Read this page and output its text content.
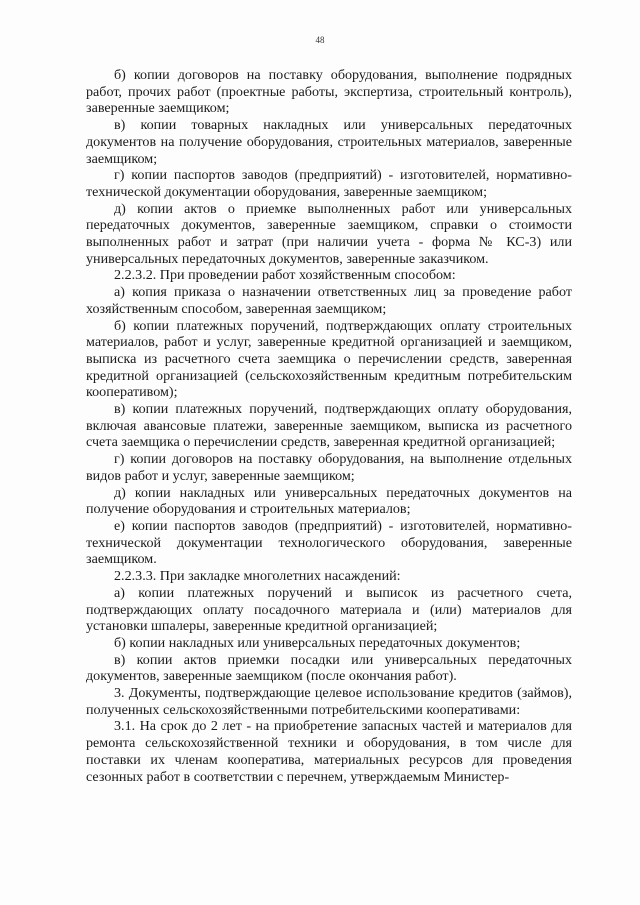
48

б) копии договоров на поставку оборудования, выполнение подрядных работ, прочих работ (проектные работы, экспертиза, строительный контроль), заверенные заемщиком;

в) копии товарных накладных или универсальных передаточных документов на получение оборудования, строительных материалов, заверенные заемщиком;

г) копии паспортов заводов (предприятий) - изготовителей, нормативно-технической документации оборудования, заверенные заемщиком;

д) копии актов о приемке выполненных работ или универсальных передаточных документов, заверенные заемщиком, справки о стоимости выполненных работ и затрат (при наличии учета - форма № КС-3) или универсальных передаточных документов, заверенные заказчиком.

2.2.3.2. При проведении работ хозяйственным способом:

а) копия приказа о назначении ответственных лиц за проведение работ хозяйственным способом, заверенная заемщиком;

б) копии платежных поручений, подтверждающих оплату строительных материалов, работ и услуг, заверенные кредитной организацией и заемщиком, выписка из расчетного счета заемщика о перечислении средств, заверенная кредитной организацией (сельскохозяйственным кредитным потребительским кооперативом);

в) копии платежных поручений, подтверждающих оплату оборудования, включая авансовые платежи, заверенные заемщиком, выписка из расчетного счета заемщика о перечислении средств, заверенная кредитной организацией;

г) копии договоров на поставку оборудования, на выполнение отдельных видов работ и услуг, заверенные заемщиком;

д) копии накладных или универсальных передаточных документов на получение оборудования и строительных материалов;

е) копии паспортов заводов (предприятий) - изготовителей, нормативно-технической документации технологического оборудования, заверенные заемщиком.

2.2.3.3. При закладке многолетних насаждений:

а) копии платежных поручений и выписок из расчетного счета, подтверждающих оплату посадочного материала и (или) материалов для установки шпалеры, заверенные кредитной организацией;

б) копии накладных или универсальных передаточных документов;

в) копии актов приемки посадки или универсальных передаточных документов, заверенные заемщиком (после окончания работ).

3. Документы, подтверждающие целевое использование кредитов (займов), полученных сельскохозяйственными потребительскими кооперативами:

3.1. На срок до 2 лет - на приобретение запасных частей и материалов для ремонта сельскохозяйственной техники и оборудования, в том числе для поставки их членам кооператива, материальных ресурсов для проведения сезонных работ в соответствии с перечнем, утверждаемым Министер-
